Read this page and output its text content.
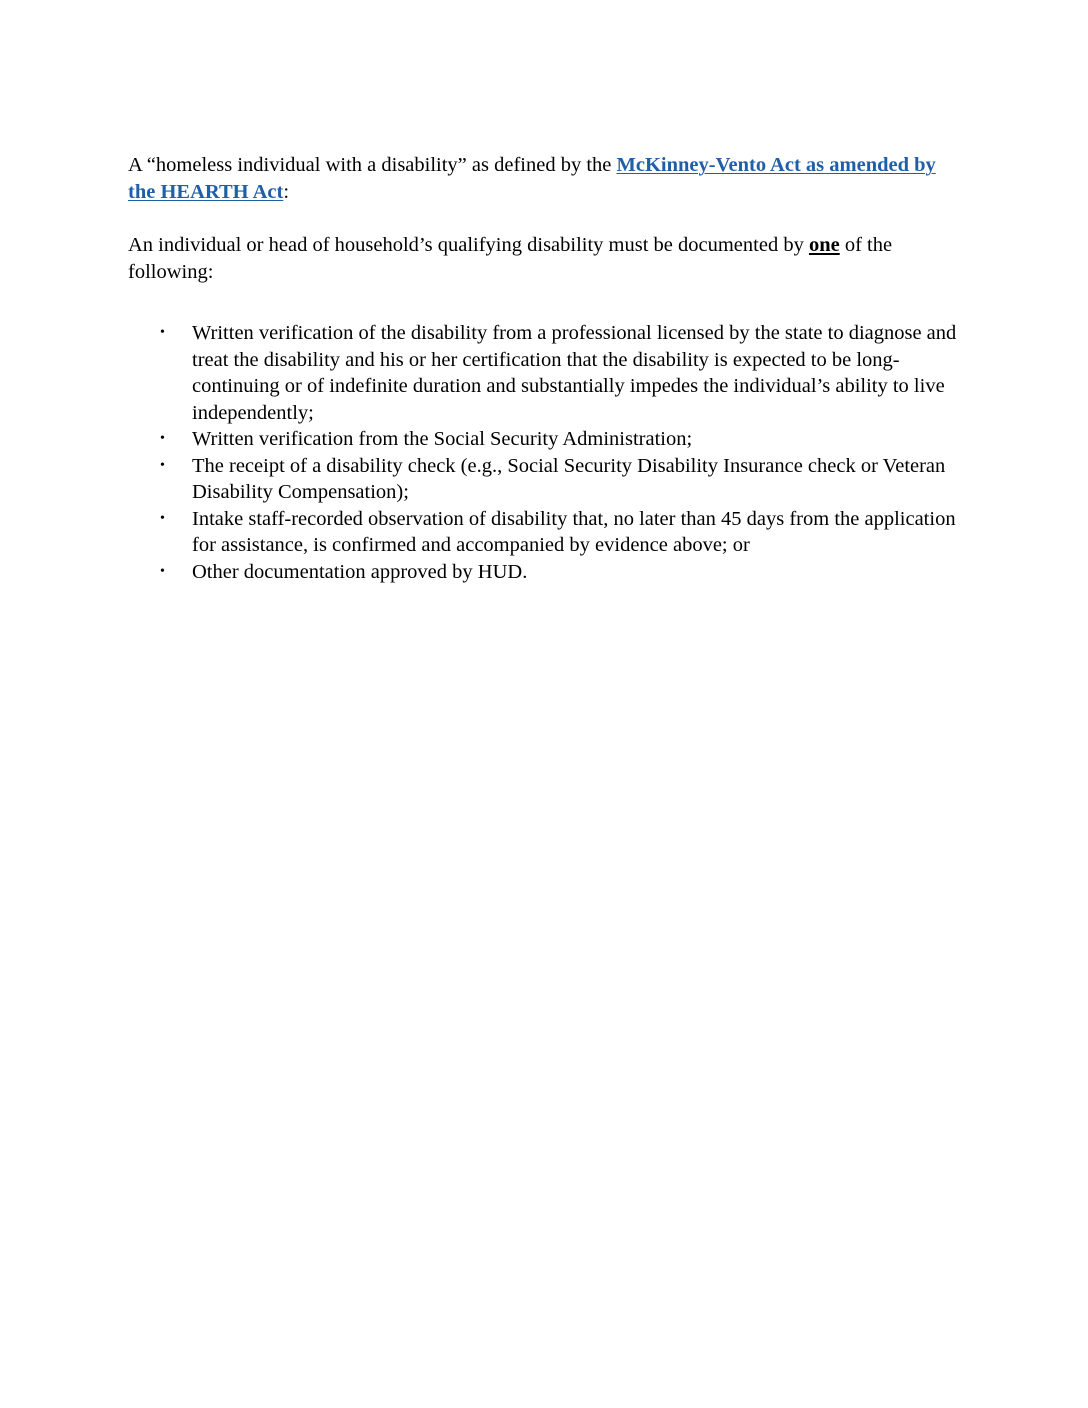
A “homeless individual with a disability” as defined by the McKinney-Vento Act as amended by the HEARTH Act:

An individual or head of household’s qualifying disability must be documented by one of the following:

• Written verification of the disability from a professional licensed by the state to diagnose and treat the disability and his or her certification that the disability is expected to be long-continuing or of indefinite duration and substantially impedes the individual’s ability to live independently;
• Written verification from the Social Security Administration;
• The receipt of a disability check (e.g., Social Security Disability Insurance check or Veteran Disability Compensation);
• Intake staff-recorded observation of disability that, no later than 45 days from the application for assistance, is confirmed and accompanied by evidence above; or
• Other documentation approved by HUD.
